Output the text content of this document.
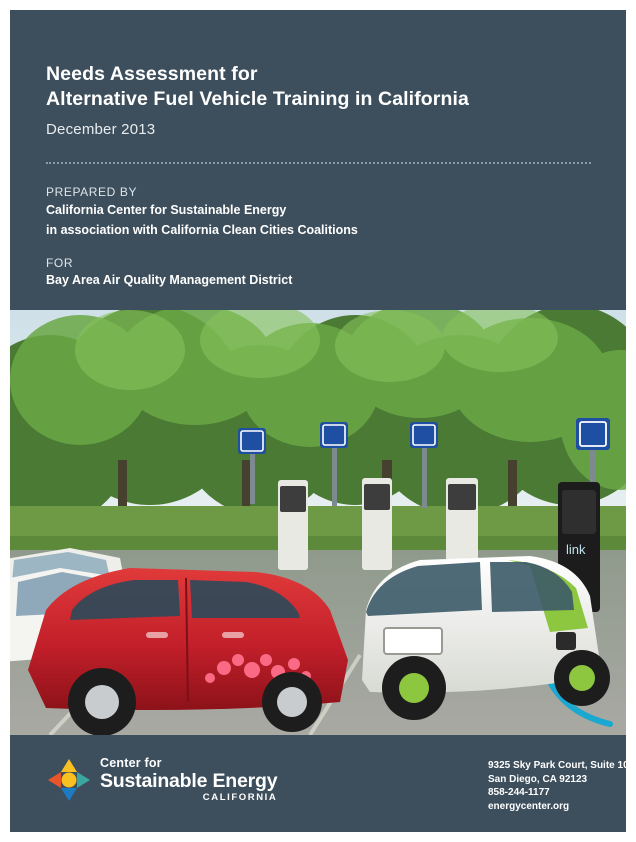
Needs Assessment for
Alternative Fuel Vehicle Training in California
December 2013
PREPARED BY
California Center for Sustainable Energy
in association with California Clean Cities Coalitions
FOR
Bay Area Air Quality Management District
link
Center for
Sustainable Energy
CALIFORNIA
9325 Sky Park Court, Suite 100
San Diego, CA 92123
858-244-1177
energycenter.org
